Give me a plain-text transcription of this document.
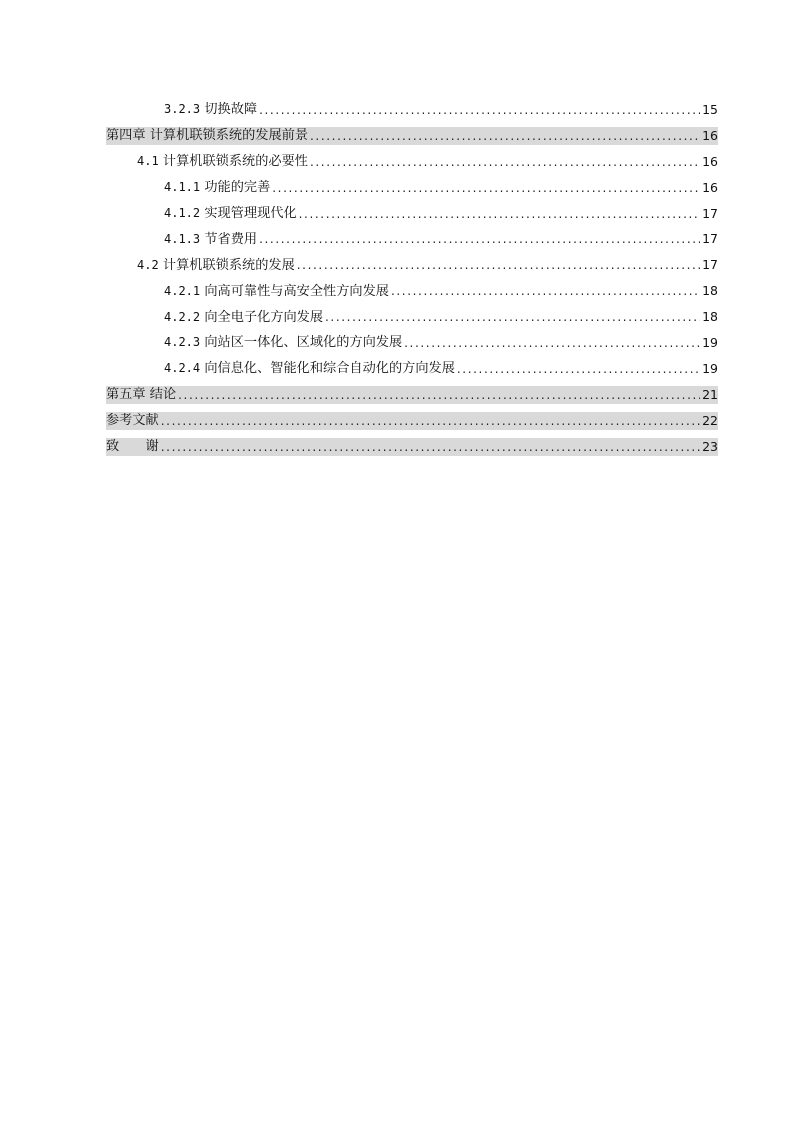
3.2.3 切换故障 .....	15
第四章 计算机联锁系统的发展前景 .....	16
4.1 计算机联锁系统的必要性 .....	16
4.1.1 功能的完善 .....	16
4.1.2 实现管理现代化 .....	17
4.1.3 节省费用 .....	17
4.2 计算机联锁系统的发展 .....	17
4.2.1 向高可靠性与高安全性方向发展 .....	18
4.2.2 向全电子化方向发展 .....	18
4.2.3 向站区一体化、区域化的方向发展 .....	19
4.2.4 向信息化、智能化和综合自动化的方向发展 .....	19
第五章 结论 .....	21
参考文献 .....	22
致　　谢 .....	23
